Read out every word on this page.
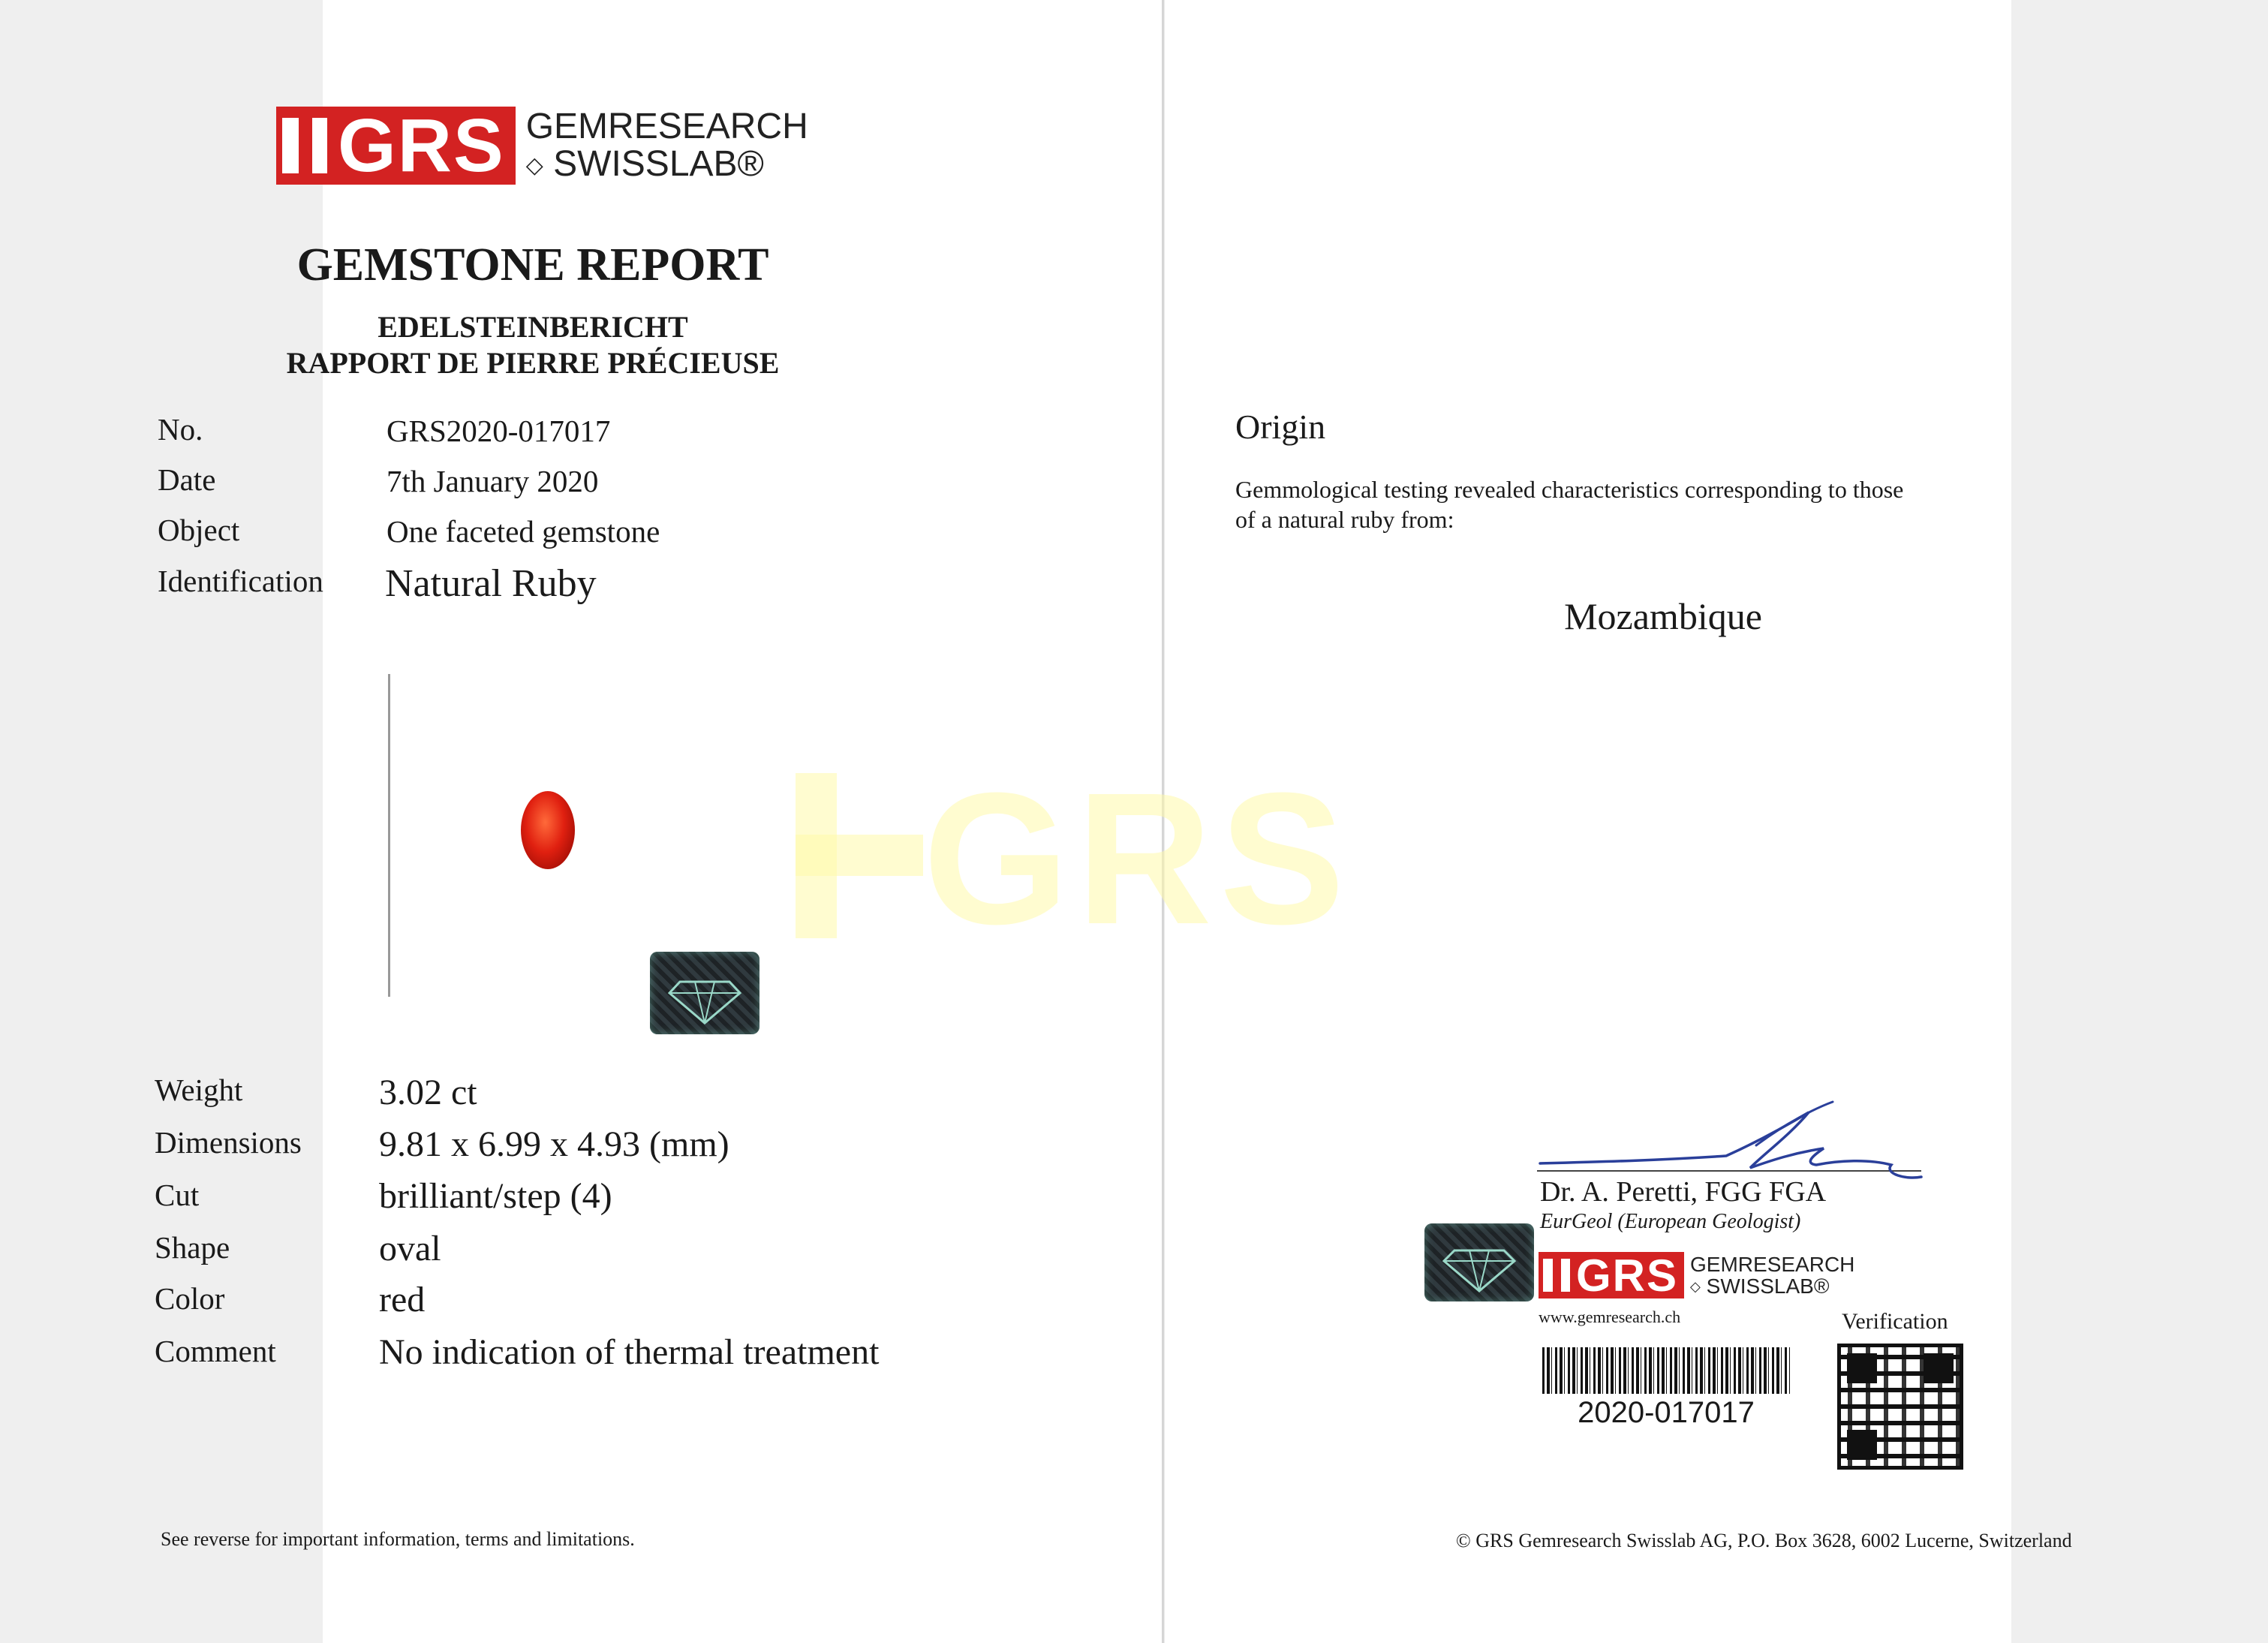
GRS
GRS GEMRESEARCH
◇ SWISSLAB®
GEMSTONE REPORT
EDELSTEINBERICHT
RAPPORT DE PIERRE PRÉCIEUSE
No.	GRS2020-017017
Date	7th January 2020
Object	One faceted gemstone
Identification Natural Ruby
Weight	3.02 ct
Dimensions 9.81 x 6.99 x 4.93 (mm)
Cut	brilliant/step (4)
Shape	oval
Color	red
Comment	No indication of thermal treatment
See reverse for important information, terms and limitations.
Origin
Gemmological testing revealed characteristics corresponding to those
of a natural ruby from:
Mozambique
Dr. A. Peretti, FGG FGA
EurGeol (European Geologist)
GRS GEMRESEARCH
◇ SWISSLAB®
www.gemresearch.ch	Verification
2020-017017
© GRS Gemresearch Swisslab AG, P.O. Box 3628, 6002 Lucerne, Switzerland
